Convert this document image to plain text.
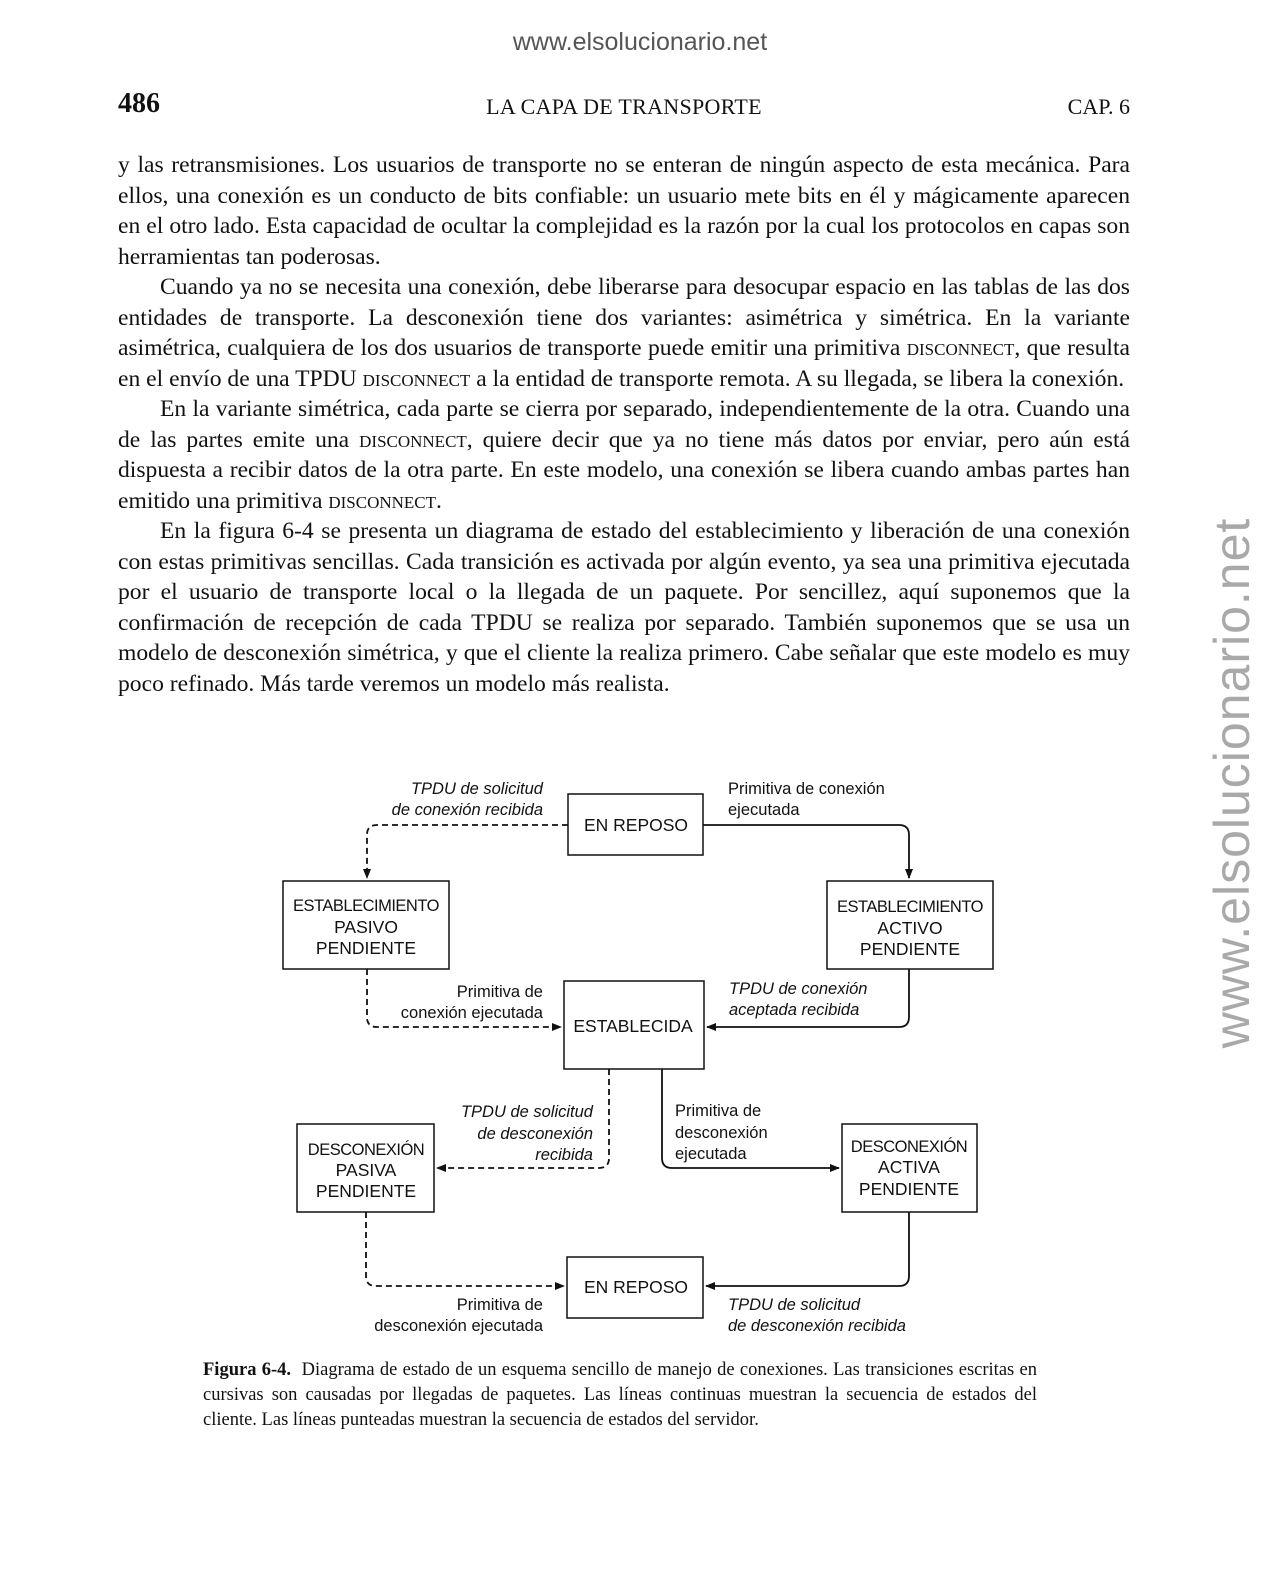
www.elsolucionario.net
www.elsolucionario.net
486	LA CAPA DE TRANSPORTE	CAP. 6

y las retransmisiones. Los usuarios de transporte no se enteran de ningún aspecto de esta mecánica. Para ellos, una conexión es un conducto de bits confiable: un usuario mete bits en él y mágicamente aparecen en el otro lado. Esta capacidad de ocultar la complejidad es la razón por la cual los protocolos en capas son herramientas tan poderosas.

Cuando ya no se necesita una conexión, debe liberarse para desocupar espacio en las tablas de las dos entidades de transporte. La desconexión tiene dos variantes: asimétrica y simétrica. En la variante asimétrica, cualquiera de los dos usuarios de transporte puede emitir una primitiva disconnect, que resulta en el envío de una TPDU disconnect a la entidad de transporte remota. A su llegada, se libera la conexión.

En la variante simétrica, cada parte se cierra por separado, independientemente de la otra. Cuando una de las partes emite una disconnect, quiere decir que ya no tiene más datos por enviar, pero aún está dispuesta a recibir datos de la otra parte. En este modelo, una conexión se libera cuando ambas partes han emitido una primitiva disconnect.

En la figura 6-4 se presenta un diagrama de estado del establecimiento y liberación de una conexión con estas primitivas sencillas. Cada transición es activada por algún evento, ya sea una primitiva ejecutada por el usuario de transporte local o la llegada de un paquete. Por sencillez, aquí suponemos que la confirmación de recepción de cada TPDU se realiza por separado. También suponemos que se usa un modelo de desconexión simétrica, y que el cliente la realiza primero. Cabe señalar que este modelo es muy poco refinado. Más tarde veremos un modelo más realista.

EN REPOSO
ESTABLECIMIENTO
PASIVO
PENDIENTE
ESTABLECIMIENTO
ACTIVO
PENDIENTE
ESTABLECIDA
DESCONEXIÓN
PASIVA
PENDIENTE
DESCONEXIÓN
ACTIVA
PENDIENTE
EN REPOSO
TPDU de solicitud
de conexión recibida
Primitiva de conexión
ejecutada
Primitiva de
conexión ejecutada
TPDU de conexión
aceptada recibida
TPDU de solicitud
de desconexión
recibida
Primitiva de
desconexión
ejecutada
Primitiva de
desconexión ejecutada
TPDU de solicitud
de desconexión recibida
Figura 6-4. Diagrama de estado de un esquema sencillo de manejo de conexiones. Las transiciones escritas en cursivas son causadas por llegadas de paquetes. Las líneas continuas muestran la secuencia de estados del cliente. Las líneas punteadas muestran la secuencia de estados del servidor.
